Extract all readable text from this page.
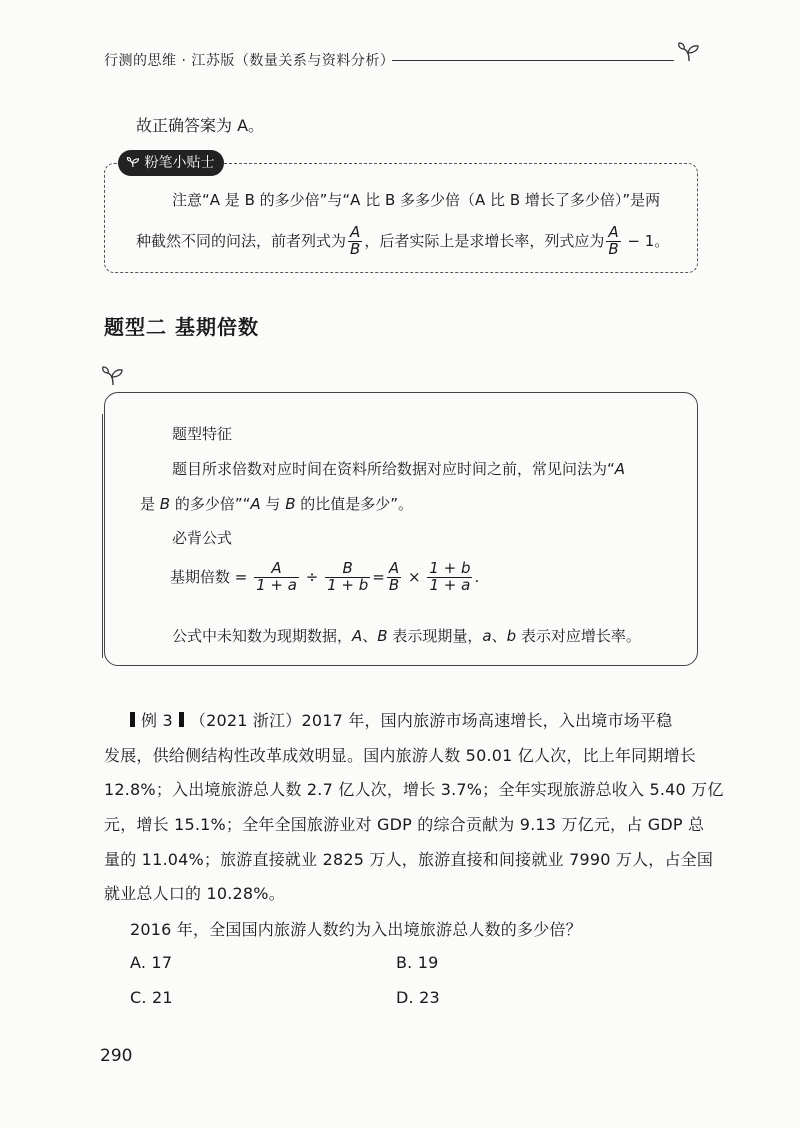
行测的思维 · 江苏版（数量关系与资料分析）
故正确答案为 A。
粉笔小贴士
注意“A 是 B 的多少倍”与“A 比 B 多多少倍（A 比 B 增长了多少倍）”是两
种截然不同的问法，前者列式为 $\frac{A}{B}$ ，后者实际上是求增长率，列式应为 $\frac{A}{B} - 1$。
题型二 基期倍数
题型特征
题目所求倍数对应时间在资料所给数据对应时间之前，常见问法为“A
是 B 的多少倍”“A 与 B 的比值是多少”。
必背公式
基期倍数 = $\frac{A}{1 + a} \div \frac{B}{1 + b} = \frac{A}{B} \times \frac{1 + b}{1 + a}$ .
公式中未知数为现期数据，A、B 表示现期量，a、b 表示对应增长率。
例 3 （2021 浙江）2017 年，国内旅游市场高速增长，入出境市场平稳
发展，供给侧结构性改革成效明显。国内旅游人数 50.01 亿人次，比上年同期增长
12.8%；入出境旅游总人数 2.7 亿人次，增长 3.7%；全年实现旅游总收入 5.40 万亿
元，增长 15.1%；全年全国旅游业对 GDP 的综合贡献为 9.13 万亿元，占 GDP 总
量的 11.04%；旅游直接就业 2825 万人，旅游直接和间接就业 7990 万人，占全国
就业总人口的 10.28%。
2016 年，全国国内旅游人数约为入出境旅游总人数的多少倍？
A. 17	B. 19
C. 21	D. 23
290
